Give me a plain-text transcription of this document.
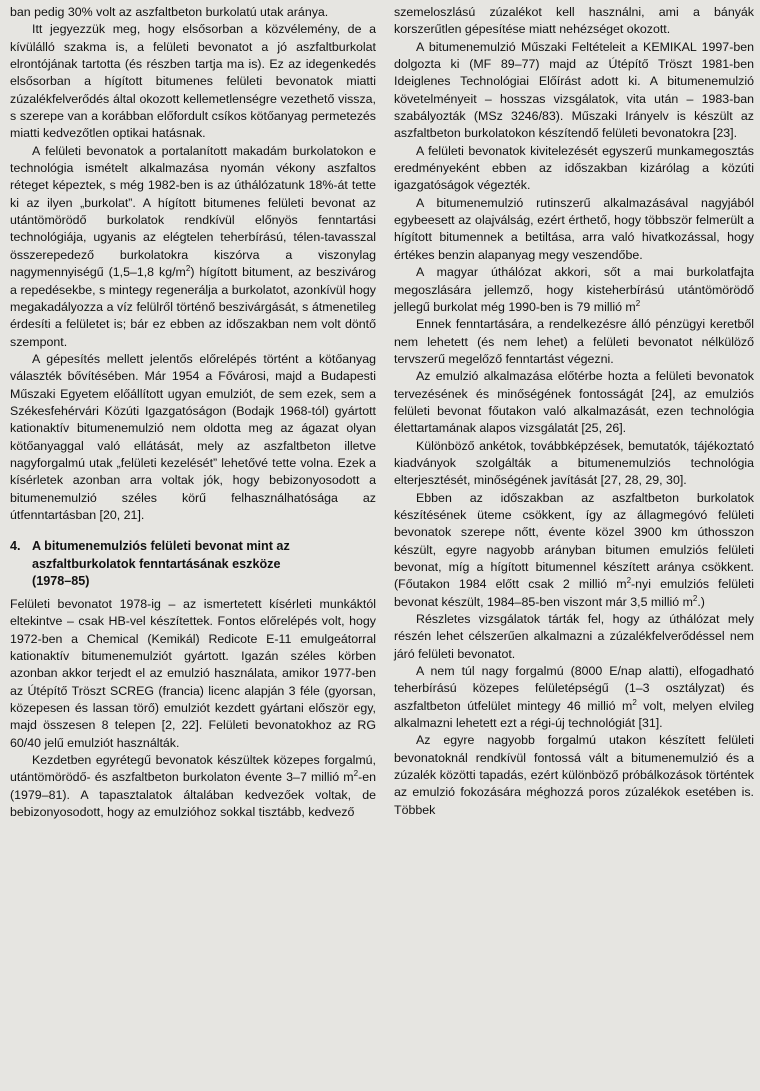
ban pedig 30% volt az aszfaltbeton burkolatú utak aránya.

Itt jegyezzük meg, hogy elsősorban a közvélemény, de a kívülálló szakma is, a felületi bevonatot a jó aszfaltburkolat elrontójának tartotta (és részben tartja ma is). Ez az idegenkedés elsősorban a hígított bitumenes felületi bevonatok miatti zúzalékfelverődés által okozott kellemetlenségre vezethető vissza, s szerepe van a korábban előfordult csíkos kötőanyag permetezés miatti kedvezőtlen optikai hatásnak.

A felületi bevonatok a portalanított makadám burkolatokon e technológia ismételt alkalmazása nyomán vékony aszfaltos réteget képeztek, s még 1982-ben is az úthálózatunk 18%-át tette ki az ilyen „burkolat”. A hígított bitumenes felületi bevonat az utántömörödő burkolatok rendkívül előnyös fenntartási technológiája, ugyanis az elégtelen teherbírású, télen-tavasszal összerepedező burkolatokra kiszórva a viszonylag nagymennyiségű (1,5–1,8 $kg/m^2$) hígított bitument, az beszivárog a repedésekbe, s mintegy regenerálja a burkolatot, azonkívül hogy megakadályozza a víz felülről történő beszivárgását, s átmenetileg érdesíti a felületet is; bár ez ebben az időszakban nem volt döntő szempont.

A gépesítés mellett jelentős előrelépés történt a kötőanyag választék bővítésében. Már 1954 a Fővárosi, majd a Budapesti Műszaki Egyetem előállított ugyan emulziót, de sem ezek, sem a Székesfehérvári Közúti Igazgatóságon (Bodajk 1968-tól) gyártott kationaktív bitumenemulzió nem oldotta meg az ágazat olyan kötőanyaggal való ellátását, mely az aszfaltbeton illetve nagyforgalmú utak „felületi kezelését” lehetővé tette volna. Ezek a kísérletek azonban arra voltak jók, hogy bebizonyosodott a bitumenemulzió széles körű felhasználhatósága az útfenntartásban [20, 21].

4. A bitumenemulziós felületi bevonat mint az
aszfaltburkolatok fenntartásának eszköze
(1978–85)

Felületi bevonatot 1978-ig – az ismertetett kísérleti munkáktól eltekintve – csak HB-vel készítettek. Fontos előrelépés volt, hogy 1972-ben a Chemical (Kemikál) Redicote E-11 emulgeátorral kationaktív bitumenemulziót gyártott. Igazán széles körben azonban akkor terjedt el az emulzió használata, amikor 1977-ben az Útépítő Tröszt SCREG (francia) licenc alapján 3 féle (gyorsan, közepesen és lassan törő) emulziót kezdett gyártani először egy, majd összesen 8 telepen [2, 22]. Felületi bevonatokhoz az RG 60/40 jelű emulziót használták.

Kezdetben egyrétegű bevonatok készültek közepes forgalmú, utántömörödő- és aszfaltbeton burkolaton évente 3–7 millió $m^2-en$ (1979–81). A tapasztalatok általában kedvezőek voltak, de bebizonyosodott, hogy az emulzióhoz sokkal tisztább, kedvező

szemeloszlású zúzalékot kell használni, ami a bányák korszerűtlen gépesítése miatt nehézséget okozott.

A bitumenemulzió Műszaki Feltételeit a KEMIKAL 1997-ben dolgozta ki (MF 89–77) majd az Útépítő Tröszt 1981-ben Ideiglenes Technológiai Előírást adott ki. A bitumenemulzió követelményeit – hosszas vizsgálatok, vita után – 1983-ban szabályozták (MSz 3246/83). Műszaki Irányelv is készült az aszfaltbeton burkolatokon készítendő felületi bevonatokra [23].

A felületi bevonatok kivitelezését egyszerű munkamegosztás eredményeként ebben az időszakban kizárólag a közúti igazgatóságok végezték.

A bitumenemulzió rutinszerű alkalmazásával nagyjából egybeesett az olajválság, ezért érthető, hogy többször felmerült a hígított bitumennek a betiltása, arra való hivatkozással, hogy értékes benzin alapanyag megy veszendőbe.

A magyar úthálózat akkori, sőt a mai burkolatfajta megoszlására jellemző, hogy kisteherbírású utántömörödő jellegű burkolat még 1990-ben is 79 millió $m^2$

Ennek fenntartására, a rendelkezésre álló pénzügyi keretből nem lehetett (és nem lehet) a felületi bevonatot nélkülöző tervszerű megelőző fenntartást végezni.

Az emulzió alkalmazása előtérbe hozta a felületi bevonatok tervezésének és minőségének fontosságát [24], az emulziós felületi bevonat főutakon való alkalmazását, ezen technológia élettartamának alapos vizsgálatát [25, 26].

Különböző ankétok, továbbképzések, bemutatók, tájékoztató kiadványok szolgálták a bitumenemulziós technológia elterjesztését, minőségének javítását [27, 28, 29, 30].

Ebben az időszakban az aszfaltbeton burkolatok készítésének üteme csökkent, így az állagmegóvó felületi bevonatok szerepe nőtt, évente közel 3900 km úthosszon készült, egyre nagyobb arányban bitumen emulziós felületi bevonat, míg a hígított bitumennel készített aránya csökkent. (Főutakon 1984 előtt csak 2 millió $m^2$-nyi emulziós felületi bevonat készült, 1984–85-ben viszont már 3,5 millió $m^2$.)

Részletes vizsgálatok tárták fel, hogy az úthálózat mely részén lehet célszerűen alkalmazni a zúzalékfelverődéssel nem járó felületi bevonatot.

A nem túl nagy forgalmú (8000 E/nap alatti), elfogadható teherbírású közepes felületépségű (1–3 osztályzat) és aszfaltbeton útfelület mintegy 46 millió $m^2$ volt, melyen elvileg alkalmazni lehetett ezt a régi-új technológiát [31].

Az egyre nagyobb forgalmú utakon készített felületi bevonatoknál rendkívül fontossá vált a bitumenemulzió és a zúzalék közötti tapadás, ezért különböző próbálkozások történtek az emulzió fokozására méghozzá poros zúzalékok esetében is. Többek
